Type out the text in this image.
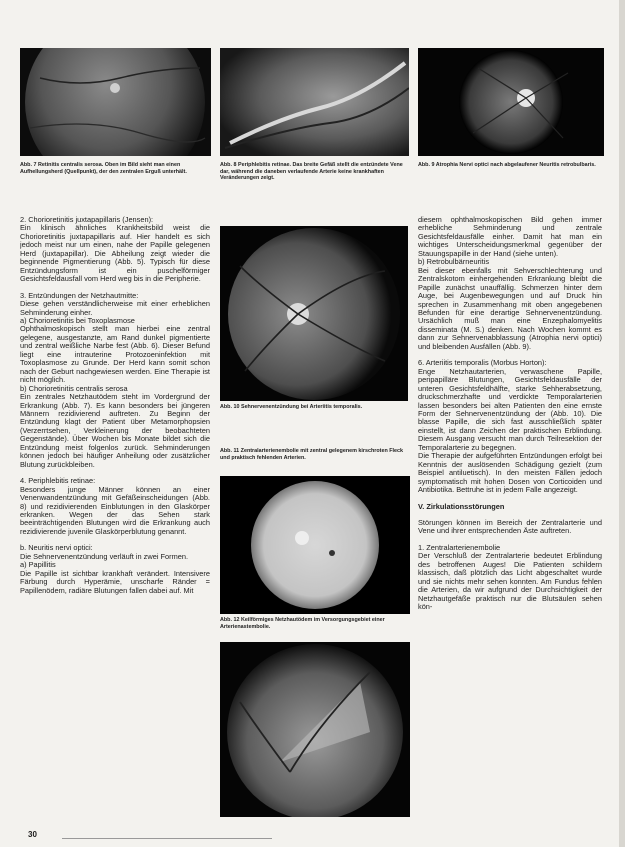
Abb. 7 Retinitis centralis serosa. Oben im Bild sieht man einen Aufhellungsherd (Quellpunkt), der den zentralen Erguß unterhält.
Abb. 8 Periphlebitis retinae. Das breite Gefäß stellt die entzündete Vene dar, während die daneben verlaufende Arterie keine krankhaften Veränderungen zeigt.
Abb. 9 Atrophia Nervi optici nach abgelaufener Neuritis retrobulbaris.
Abb. 10 Sehnervenentzündung bei Arteriitis temporalis.
Abb. 11 Zentralarterienembolie mit zentral gelegenem kirschroten Fleck und praktisch fehlenden Arterien.
Abb. 12 Keilförmiges Netzhautödem im Versorgungsgebiet einer Arterienastembolie.

2. Chorioretinitis juxtapapillaris (Jensen):

Ein klinisch ähnliches Krankheitsbild weist die Chorioretinitis juxtapapillaris auf. Hier handelt es sich jedoch meist nur um einen, nahe der Papille gelegenen Herd (juxtapapillar). Die Abheilung zeigt wieder die beginnende Pigmentierung (Abb. 5). Typisch für diese Entzündungsform ist ein puschelförmiger Gesichtsfeldausfall vom Herd weg bis in die Peripherie.

3. Entzündungen der Netzhautmitte:

Diese gehen verständlicherweise mit einer erheblichen Sehminderung einher.
a) Chorioretinitis bei Toxoplasmose
Ophthalmoskopisch stellt man hierbei eine zentral gelegene, ausgestanzte, am Rand dunkel pigmentierte und zentral weißliche Narbe fest (Abb. 6). Dieser Befund liegt eine intrauterine Protozoeninfektion mit Toxoplasmose zu Grunde. Der Herd kann somit schon nach der Geburt nachgewiesen werden. Eine Therapie ist nicht möglich.
b) Chorioretinitis centralis serosa
Ein zentrales Netzhautödem steht im Vordergrund der Erkrankung (Abb. 7). Es kann besonders bei jüngeren Männern rezidivierend auftreten. Zu Beginn der Entzündung klagt der Patient über Metamorphopsien (Verzerrtsehen, Verkleinerung der beobachteten Gegenstände). Über Wochen bis Monate bildet sich die Entzündung meist folgenlos zurück. Sehminderungen können jedoch bei häufiger Anheilung oder zusätzlicher Blutung zurückbleiben.

4. Periphlebitis retinae:

Besonders junge Männer können an einer Venenwandentzündung mit Gefäßeinscheidungen (Abb. 8) und rezidivierenden Einblutungen in den Glaskörper erkranken. Wegen der das Sehen stark beeinträchtigenden Blutungen wird die Erkrankung auch rezidivierende juvenile Glaskörperblutung genannt.

b. Neuritis nervi optici:

Die Sehnervenentzündung verläuft in zwei Formen.
a) Papillitis
Die Papille ist sichtbar krankhaft verändert. Intensivere Färbung durch Hyperämie, unscharfe Ränder = Papillenödem, radiäre Blutungen fallen dabei auf. Mit

diesem ophthalmoskopischen Bild gehen immer erhebliche Sehminderung und zentrale Gesichtsfeldausfälle einher. Damit hat man ein wichtiges Unterscheidungsmerkmal gegenüber der Stauungspapille in der Hand (siehe unten).
b) Retrobulbärneuritis
Bei dieser ebenfalls mit Sehverschlechterung und Zentralskotom einhergehenden Erkrankung bleibt die Papille zunächst unauffällig. Schmerzen hinter dem Auge, bei Augenbewegungen und auf Druck hin sprechen in Zusammenhang mit oben angegebenen Befunden für eine derartige Sehnervenentzündung. Ursächlich muß man eine Enzephalomyelitis disseminata (M. S.) denken. Nach Wochen kommt es dann zur Sehnervenabblassung (Atrophia nervi optici) und bleibenden Ausfällen (Abb. 9).

6. Arteriitis temporalis (Morbus Horton):

Enge Netzhautarterien, verwaschene Papille, peripapilläre Blutungen, Gesichtsfeldausfälle der unteren Gesichtsfeldhälfte, starke Sehherabsetzung, druckschmerzhafte und verdickte Temporalarterien lassen besonders bei alten Patienten den eine ernste Form der Sehnervenentzündung der (Abb. 10). Die blasse Papille, die sich fast ausschließlich später einstellt, ist dann Zeichen der praktischen Erblindung. Diesem Ausgang versucht man durch Teilresektion der Temporalarterie zu begegnen.
Die Therapie der aufgeführten Entzündungen erfolgt bei Kenntnis der auslösenden Schädigung gezielt (zum Beispiel antiluetisch). In den meisten Fällen jedoch symptomatisch mit hohen Dosen von Corticoiden und Antibiotika. Bettruhe ist in jedem Falle angezeigt.

V. Zirkulationsstörungen

Störungen können im Bereich der Zentralarterie und Vene und ihrer entsprechenden Äste auftreten.

1. Zentralarterienembolie
Der Verschluß der Zentralarterie bedeutet Erblindung des betroffenen Auges! Die Patienten schildern klassisch, daß plötzlich das Licht abgeschaltet wurde und sie nichts mehr sehen konnten. Am Fundus fehlen die Arterien, da wir aufgrund der Durchsichtigkeit der Netzhautgefäße praktisch nur die Blutsäulen sehen kön-

30
